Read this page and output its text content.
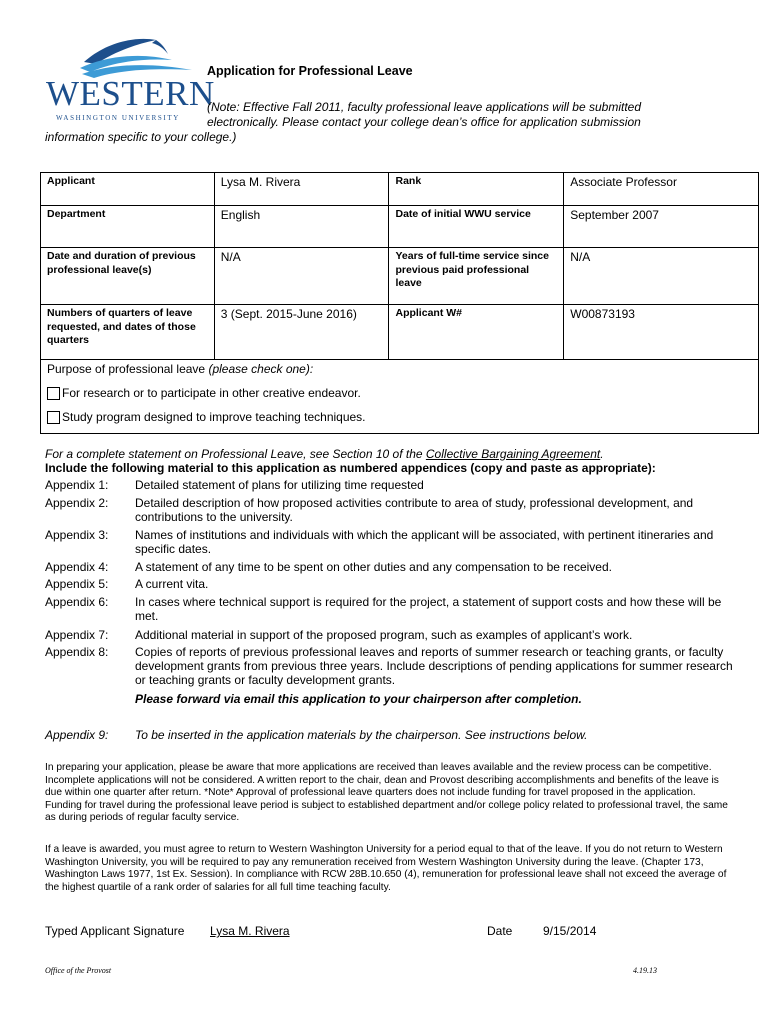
WESTERN
WASHINGTON UNIVERSITY
Application for Professional Leave
(Note: Effective Fall 2011, faculty professional leave applications will be submitted electronically. Please contact your college dean’s office for application submission
information specific to your college.)
Applicant	Lysa M. Rivera	Rank	Associate Professor
Department	English	Date of initial WWU service	September 2007
Date and duration of previous professional leave(s)	N/A	Years of full-time service since previous paid professional leave	N/A
Numbers of quarters of leave requested, and dates of those quarters	3 (Sept. 2015-June 2016)	Applicant W#	W00873193

Purpose of professional leave (please check one):
For research or to participate in other creative endeavor.
Study program designed to improve teaching techniques.			
For a complete statement on Professional Leave, see Section 10 of the Collective Bargaining Agreement.
Include the following material to this application as numbered appendices (copy and paste as appropriate):
Appendix 1:	Detailed statement of plans for utilizing time requested
Appendix 2:	Detailed description of how proposed activities contribute to area of study, professional development, and contributions to the university.
Appendix 3:	Names of institutions and individuals with which the applicant will be associated, with pertinent itineraries and specific dates.
Appendix 4:	A statement of any time to be spent on other duties and any compensation to be received.
Appendix 5:	A current vita.
Appendix 6:	In cases where technical support is required for the project, a statement of support costs and how these will be met.
Appendix 7:	Additional material in support of the proposed program, such as examples of applicant’s work.
Appendix 8:	Copies of reports of previous professional leaves and reports of summer research or teaching grants, or faculty development grants from previous three years. Include descriptions of pending applications for summer research or teaching grants or faculty development grants.
Please forward via email this application to your chairperson after completion.
Appendix 9:	To be inserted in the application materials by the chairperson. See instructions below.
In preparing your application, please be aware that more applications are received than leaves available and the review process can be competitive. Incomplete applications will not be considered. A written report to the chair, dean and Provost describing accomplishments and benefits of the leave is due within one quarter after return. *Note* Approval of professional leave quarters does not include funding for travel proposed in the application. Funding for travel during the professional leave period is subject to established department and/or college policy related to professional travel, the same as during periods of regular faculty service.
If a leave is awarded, you must agree to return to Western Washington University for a period equal to that of the leave. If you do not return to Western Washington University, you will be required to pay any remuneration received from Western Washington University during the leave. (Chapter 173, Washington Laws 1977, 1st Ex. Session). In compliance with RCW 28B.10.650 (4), remuneration for professional leave shall not exceed the average of the highest quartile of a rank order of salaries for all full time teaching faculty.
Typed Applicant Signature Lysa M. Rivera	Date	9/15/2014
Office of the Provost	4.19.13
